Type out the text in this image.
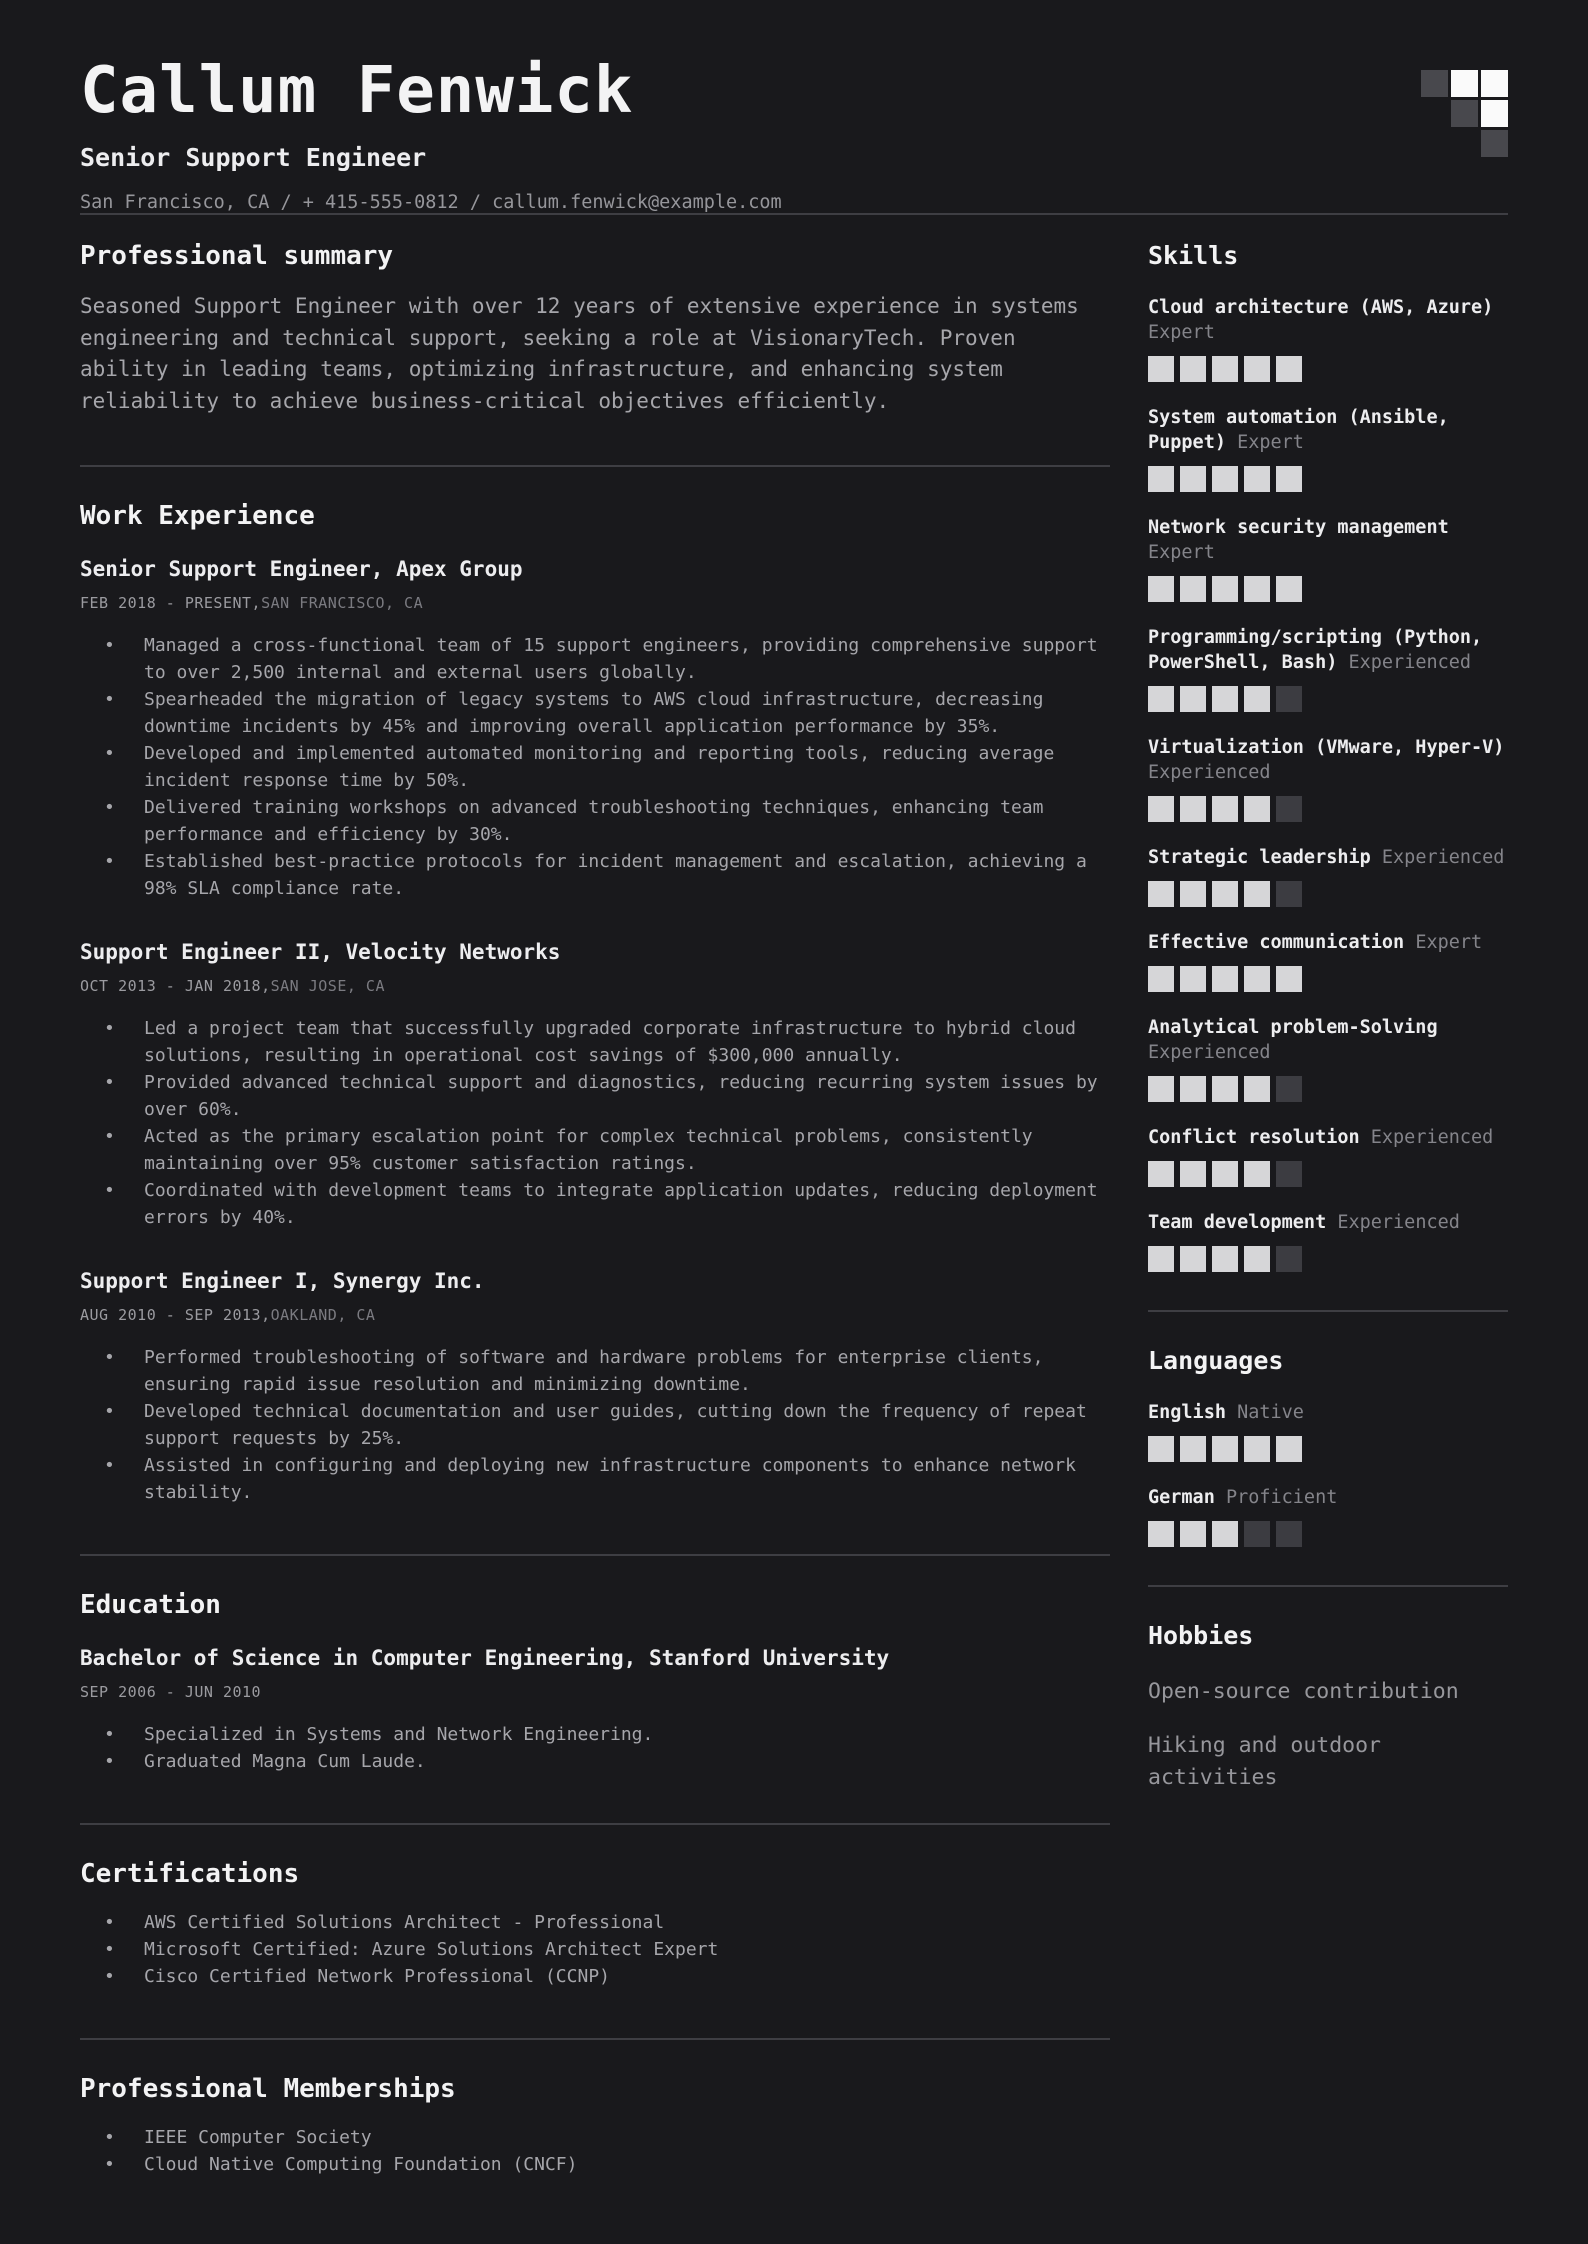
Callum Fenwick
Senior Support Engineer
San Francisco, CA / + 415-555-0812 / callum.fenwick@example.com
Professional summary

Seasoned Support Engineer with over 12 years of extensive experience in systems engineering and technical support, seeking a role at VisionaryTech. Proven ability in leading teams, optimizing infrastructure, and enhancing system reliability to achieve business-critical objectives efficiently.

Work Experience
Senior Support Engineer, Apex Group
FEB 2018 - PRESENT,SAN FRANCISCO, CA
• Managed a cross-functional team of 15 support engineers, providing comprehensive support to over 2,500 internal and external users globally.
• Spearheaded the migration of legacy systems to AWS cloud infrastructure, decreasing downtime incidents by 45% and improving overall application performance by 35%.
• Developed and implemented automated monitoring and reporting tools, reducing average incident response time by 50%.
• Delivered training workshops on advanced troubleshooting techniques, enhancing team performance and efficiency by 30%.
• Established best-practice protocols for incident management and escalation, achieving a 98% SLA compliance rate.
Support Engineer II, Velocity Networks
OCT 2013 - JAN 2018,SAN JOSE, CA
• Led a project team that successfully upgraded corporate infrastructure to hybrid cloud solutions, resulting in operational cost savings of $300,000 annually.
• Provided advanced technical support and diagnostics, reducing recurring system issues by over 60%.
• Acted as the primary escalation point for complex technical problems, consistently maintaining over 95% customer satisfaction ratings.
• Coordinated with development teams to integrate application updates, reducing deployment errors by 40%.
Support Engineer I, Synergy Inc.
AUG 2010 - SEP 2013,OAKLAND, CA
• Performed troubleshooting of software and hardware problems for enterprise clients, ensuring rapid issue resolution and minimizing downtime.
• Developed technical documentation and user guides, cutting down the frequency of repeat support requests by 25%.
• Assisted in configuring and deploying new infrastructure components to enhance network stability.
Education
Bachelor of Science in Computer Engineering, Stanford University
SEP 2006 - JUN 2010
• Specialized in Systems and Network Engineering.
• Graduated Magna Cum Laude.
Certifications
• AWS Certified Solutions Architect - Professional
• Microsoft Certified: Azure Solutions Architect Expert
• Cisco Certified Network Professional (CCNP)
Professional Memberships
• IEEE Computer Society
• Cloud Native Computing Foundation (CNCF)
Skills
Cloud architecture (AWS, Azure) Expert
System automation (Ansible, Puppet) Expert
Network security management Expert
Programming/scripting (Python, PowerShell, Bash) Experienced
Virtualization (VMware, Hyper-V) Experienced
Strategic leadership Experienced
Effective communication Expert
Analytical problem-Solving Experienced
Conflict resolution Experienced
Team development Experienced
Languages
English Native
German Proficient
Hobbies
Open-source contribution
Hiking and outdoor activities
